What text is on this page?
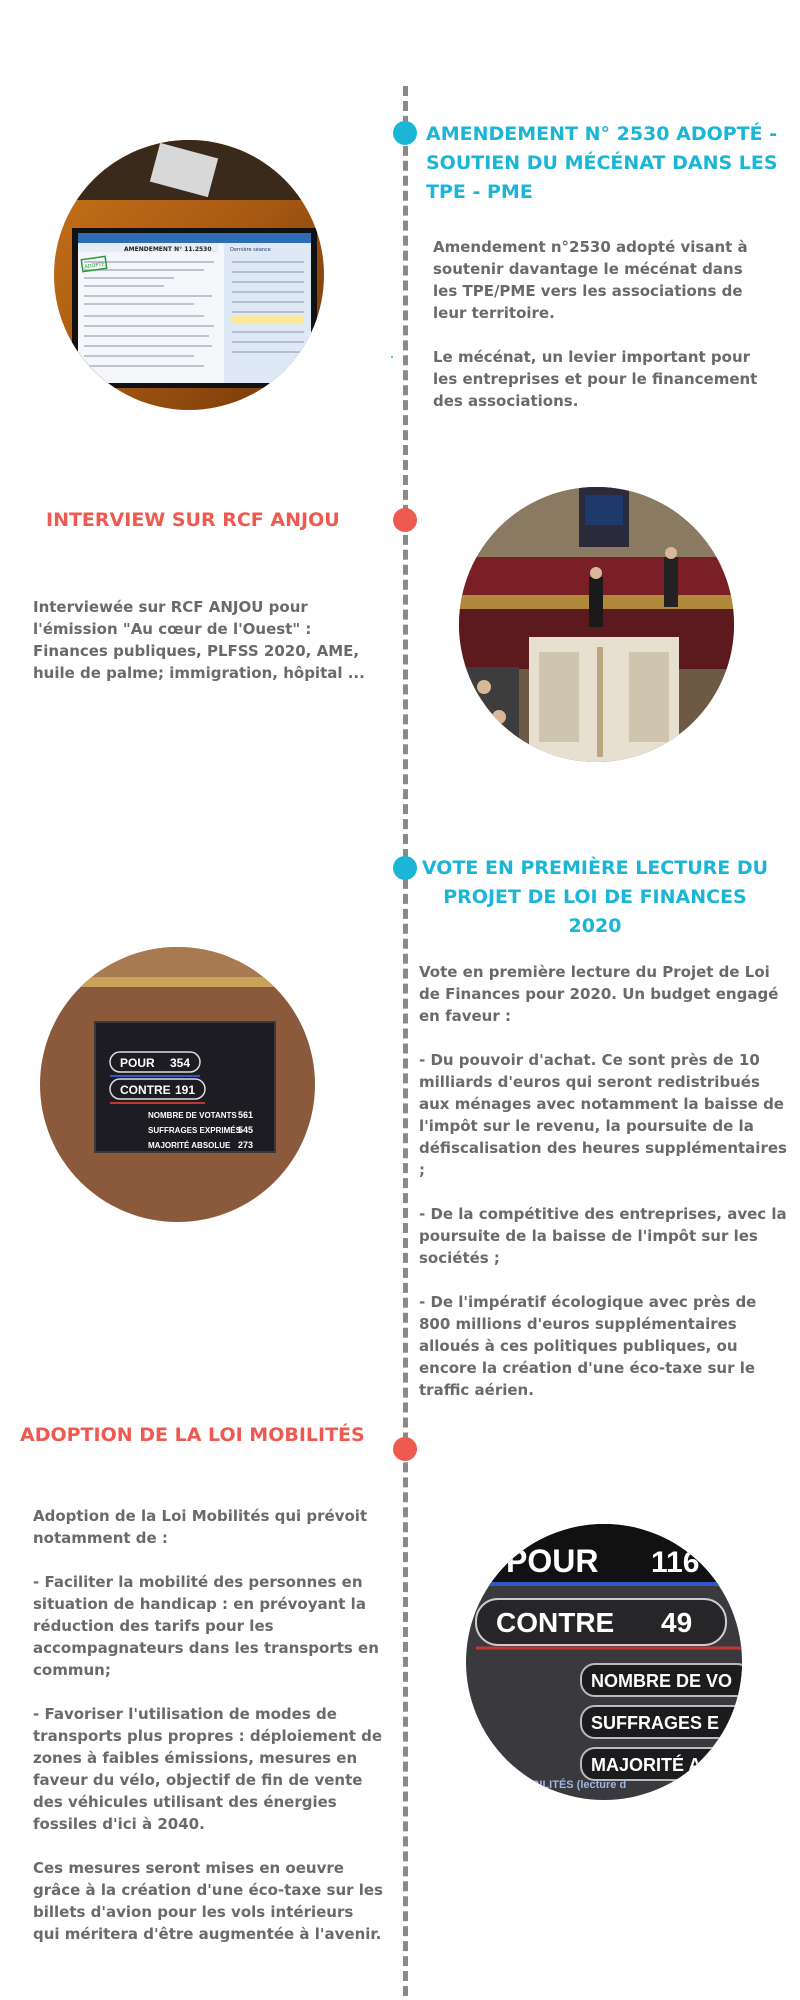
AMENDEMENT N° 2530 ADOPTÉ - SOUTIEN DU MÉCÉNAT DANS LES TPE - PME

Amendement n°2530 adopté visant à soutenir davantage le mécénat dans les TPE/PME vers les associations de leur territoire.

Le mécénat, un levier important pour les entreprises et pour le financement des associations.

AMENDEMENT N° 11.2530	Dernière séance
ADOPTÉ
INTERVIEW SUR RCF ANJOU

Interviewée sur RCF ANJOU pour l'émission "Au cœur de l'Ouest" : Finances publiques, PLFSS 2020, AME, huile de palme; immigration, hôpital ...

VOTE EN PREMIÈRE LECTURE DU PROJET DE LOI DE FINANCES 2020

Vote en première lecture du Projet de Loi de Finances pour 2020. Un budget engagé en faveur :

- Du pouvoir d'achat. Ce sont près de 10 milliards d'euros qui seront redistribués aux ménages avec notamment la baisse de l'impôt sur le revenu, la poursuite de la défiscalisation des heures supplémentaires ;

- De la compétitive des entreprises, avec la poursuite de la baisse de l'impôt sur les sociétés ;

- De l'impératif écologique avec près de 800 millions d'euros supplémentaires alloués à ces politiques publiques, ou encore la création d'une éco-taxe sur le traffic aérien.

POUR 354
CONTRE 191
NOMBRE DE VOTANTS 561
SUFFRAGES EXPRIMÉS
545
MAJORITÉ ABSOLUE 273
ADOPTION DE LA LOI MOBILITÉS

Adoption de la Loi Mobilités qui prévoit notamment de :

- Faciliter la mobilité des personnes en situation de handicap : en prévoyant la réduction des tarifs pour les accompagnateurs dans les transports en commun;

- Favoriser l'utilisation de modes de transports plus propres : déploiement de zones à faibles émissions, mesures en faveur du vélo, objectif de fin de vente des véhicules utilisant des énergies fossiles d'ici à 2040.

Ces mesures seront mises en oeuvre grâce à la création d'une éco-taxe sur les billets d'avion pour les vols intérieurs qui méritera d'être augmentée à l'avenir.

POUR 116
CONTRE 49
NOMBRE DE VO
SUFFRAGES E
MAJORITÉ A
ES MOBILITÉS (lecture d
